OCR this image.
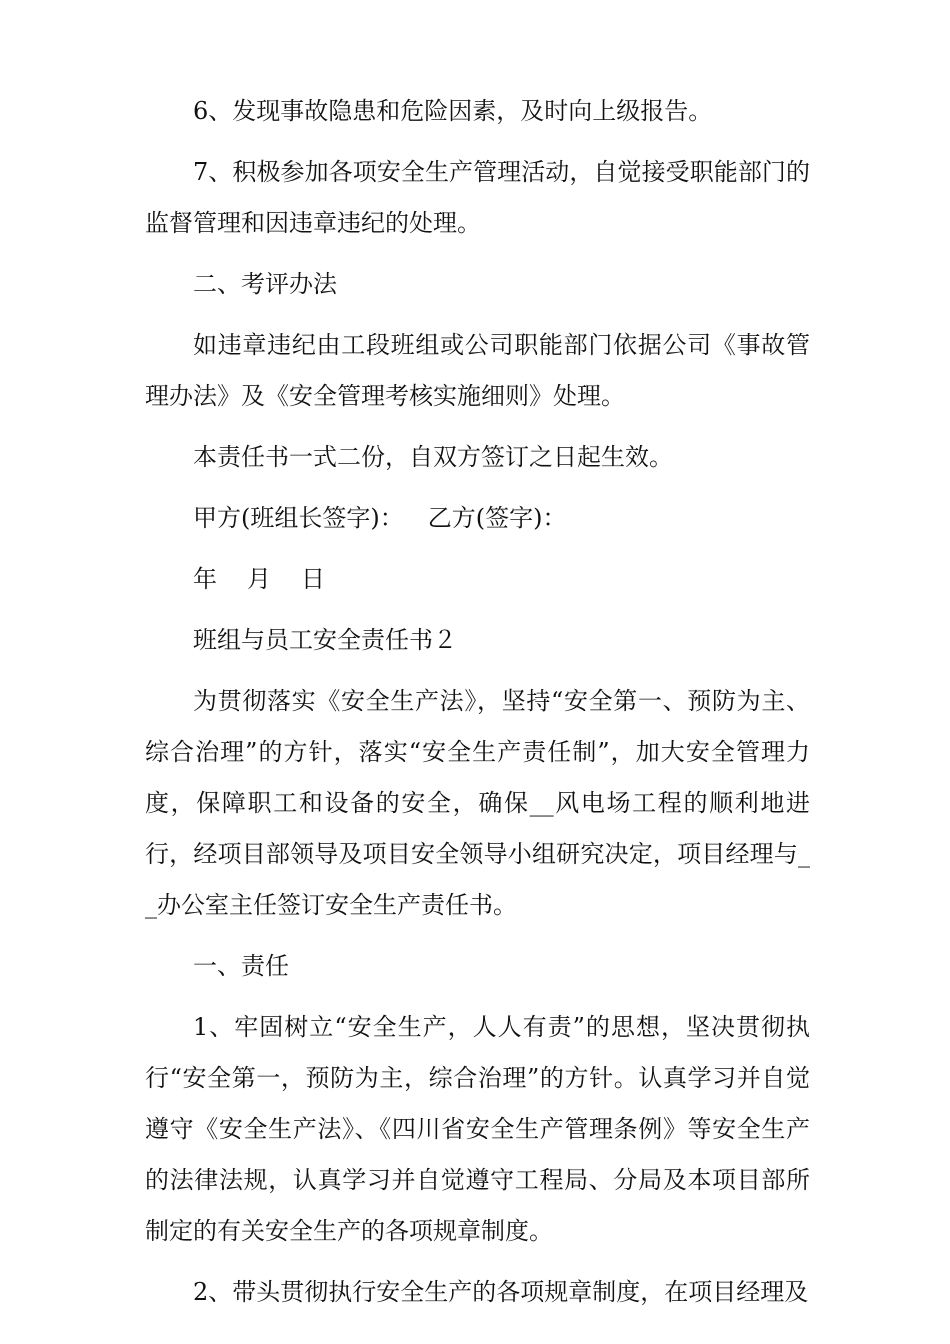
6、发现事故隐患和危险因素，及时向上级报告。

7、积极参加各项安全生产管理活动，自觉接受职能部门的监督管理和因违章违纪的处理。

二、考评办法

如违章违纪由工段班组或公司职能部门依据公司《事故管理办法》及《安全管理考核实施细则》处理。

本责任书一式二份，自双方签订之日起生效。

甲方(班组长签字)： 乙方(签字)：

年 月 日

班组与员工安全责任书２

为贯彻落实《安全生产法》，坚持“安全第一、预防为主、综合治理”的方针，落实“安全生产责任制”，加大安全管理力度，保障职工和设备的安全，确保__风电场工程的顺利地进行，经项目部领导及项目安全领导小组研究决定，项目经理与__办公室主任签订安全生产责任书。

一、责任

1、牢固树立“安全生产，人人有责”的思想，坚决贯彻执行“安全第一，预防为主，综合治理”的方针。认真学习并自觉遵守《安全生产法》、《四川省安全生产管理条例》等安全生产的法律法规，认真学习并自觉遵守工程局、分局及本项目部所制定的有关安全生产的各项规章制度。

2、带头贯彻执行安全生产的各项规章制度，在项目经理及
